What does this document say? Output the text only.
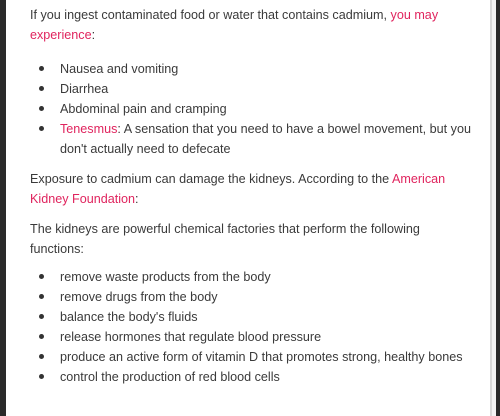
If you ingest contaminated food or water that contains cadmium, you may experience:

Nausea and vomiting
Diarrhea
Abdominal pain and cramping
Tenesmus: A sensation that you need to have a bowel movement, but you don't actually need to defecate

Exposure to cadmium can damage the kidneys. According to the American Kidney Foundation:

The kidneys are powerful chemical factories that perform the following functions:

remove waste products from the body
remove drugs from the body
balance the body's fluids
release hormones that regulate blood pressure
produce an active form of vitamin D that promotes strong, healthy bones
control the production of red blood cells
